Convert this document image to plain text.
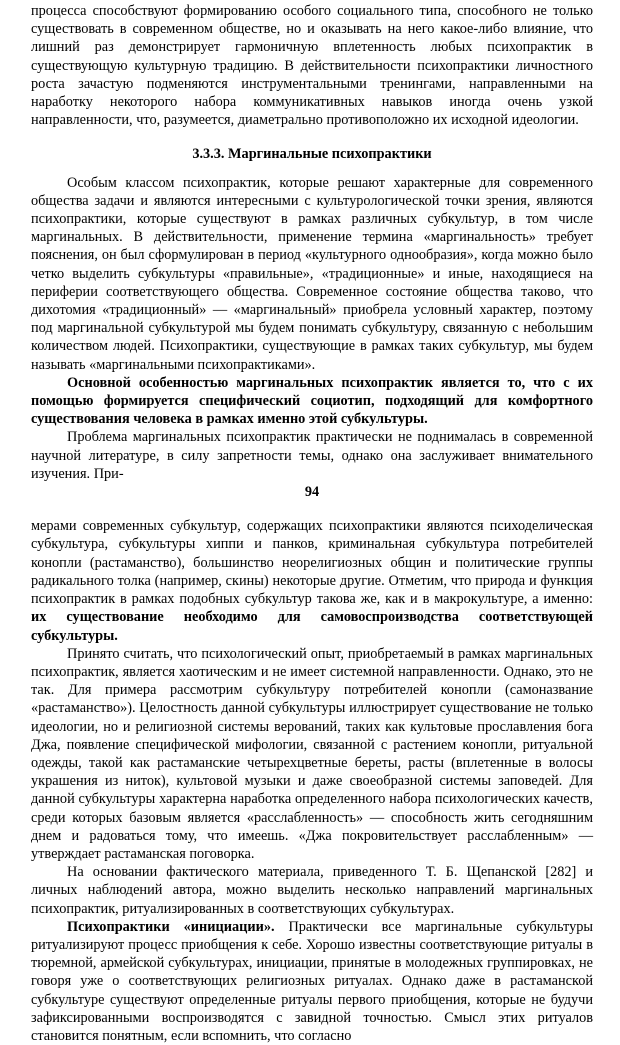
процесса способствуют формированию особого социального типа, способного не только существовать в современном обществе, но и оказывать на него какое-либо влияние, что лишний раз демонстрирует гармоничную вплетенность любых психопрактик в существующую культурную традицию. В действительности психопрактики личностного роста зачастую подменяются инструментальными тренингами, направленными на наработку некоторого набора коммуникативных навыков иногда очень узкой направленности, что, разумеется, диаметрально противоположно их исходной идеологии.

3.3.3. Маргинальные психопрактики

Особым классом психопрактик, которые решают характерные для современного общества задачи и являются интересными с культурологической точки зрения, являются психопрактики, которые существуют в рамках различных субкультур, в том числе маргинальных. В действительности, применение термина «маргинальность» требует пояснения, он был сформулирован в период «культурного однообразия», когда можно было четко выделить субкультуры «правильные», «традиционные» и иные, находящиеся на периферии соответствующего общества. Современное состояние общества таково, что дихотомия «традиционный» — «маргинальный» приобрела условный характер, поэтому под маргинальной субкультурой мы будем понимать субкультуру, связанную с небольшим количеством людей. Психопрактики, существующие в рамках таких субкультур, мы будем называть «маргинальными психопрактиками».

Основной особенностью маргинальных психопрактик является то, что с их помощью формируется специфический социотип, подходящий для комфортного существования человека в рамках именно этой субкультуры.

Проблема маргинальных психопрактик практически не поднималась в современной научной литературе, в силу запретности темы, однако она заслуживает внимательного изучения. При-

94

мерами современных субкультур, содержащих психопрактики являются психоделическая субкультура, субкультуры хиппи и панков, криминальная субкультура потребителей конопли (растаманство), большинство неорелигиозных общин и политические группы радикального толка (например, скины) некоторые другие. Отметим, что природа и функция психопрактик в рамках подобных субкультур такова же, как и в макрокультуре, а именно: их существование необходимо для самовоспроизводства соответствующей субкультуры.

Принято считать, что психологический опыт, приобретаемый в рамках маргинальных психопрактик, является хаотическим и не имеет системной направленности. Однако, это не так. Для примера рассмотрим субкультуру потребителей конопли (самоназвание «растаманство»). Целостность данной субкультуры иллюстрирует существование не только идеологии, но и религиозной системы верований, таких как культовые прославления бога Джа, появление специфической мифологии, связанной с растением конопли, ритуальной одежды, такой как растаманские четырехцветные береты, расты (вплетенные в волосы украшения из ниток), культовой музыки и даже своеобразной системы заповедей. Для данной субкультуры характерна наработка определенного набора психологических качеств, среди которых базовым является «расслабленность» — способность жить сегодняшним днем и радоваться тому, что имеешь. «Джа покровительствует расслабленным» — утверждает растаманская поговорка.

На основании фактического материала, приведенного Т. Б. Щепанской [282] и личных наблюдений автора, можно выделить несколько направлений маргинальных психопрактик, ритуализированных в соответствующих субкультурах.

Психопрактики «инициации». Практически все маргинальные субкультуры ритуализируют процесс приобщения к себе. Хорошо известны соответствующие ритуалы в тюремной, армейской субкультурах, инициации, принятые в молодежных группировках, не говоря уже о соответствующих религиозных ритуалах. Однако даже в растаманской субкультуре существуют определенные ритуалы первого приобщения, которые не будучи зафиксированными воспроизводятся с завидной точностью. Смысл этих ритуалов становится понятным, если вспомнить, что согласно
